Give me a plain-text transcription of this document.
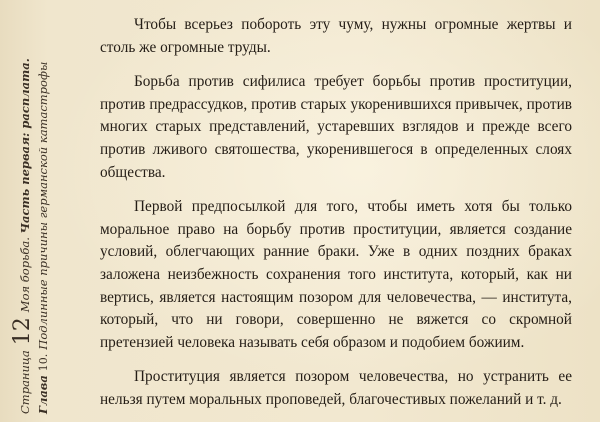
Страница
12
Моя борьба.

Часть первая: расплата.
Глава
10.
Подлинные причины германской катастрофы

Чтобы всерьез побороть эту чуму, нужны огромные жертвы и столь же огромные труды.

Борьба против сифилиса требует борьбы против проституции, против предрассудков, против старых укоренившихся привычек, против многих старых представлений, устаревших взглядов и прежде всего против лживого святошества, укоренившегося в определенных слоях общества.

Первой предпосылкой для того, чтобы иметь хотя бы только моральное право на борьбу против проституции, является создание условий, облегчающих ранние браки. Уже в одних поздних браках заложена неизбежность сохранения того института, который, как ни вертись, является настоящим позором для человечества, — института, который, что ни говори, совершенно не вяжется со скромной претензией человека называть себя образом и подобием божиим.

Проституция является позором человечества, но устранить ее нельзя путем моральных проповедей, благочестивых пожеланий и т. д.
